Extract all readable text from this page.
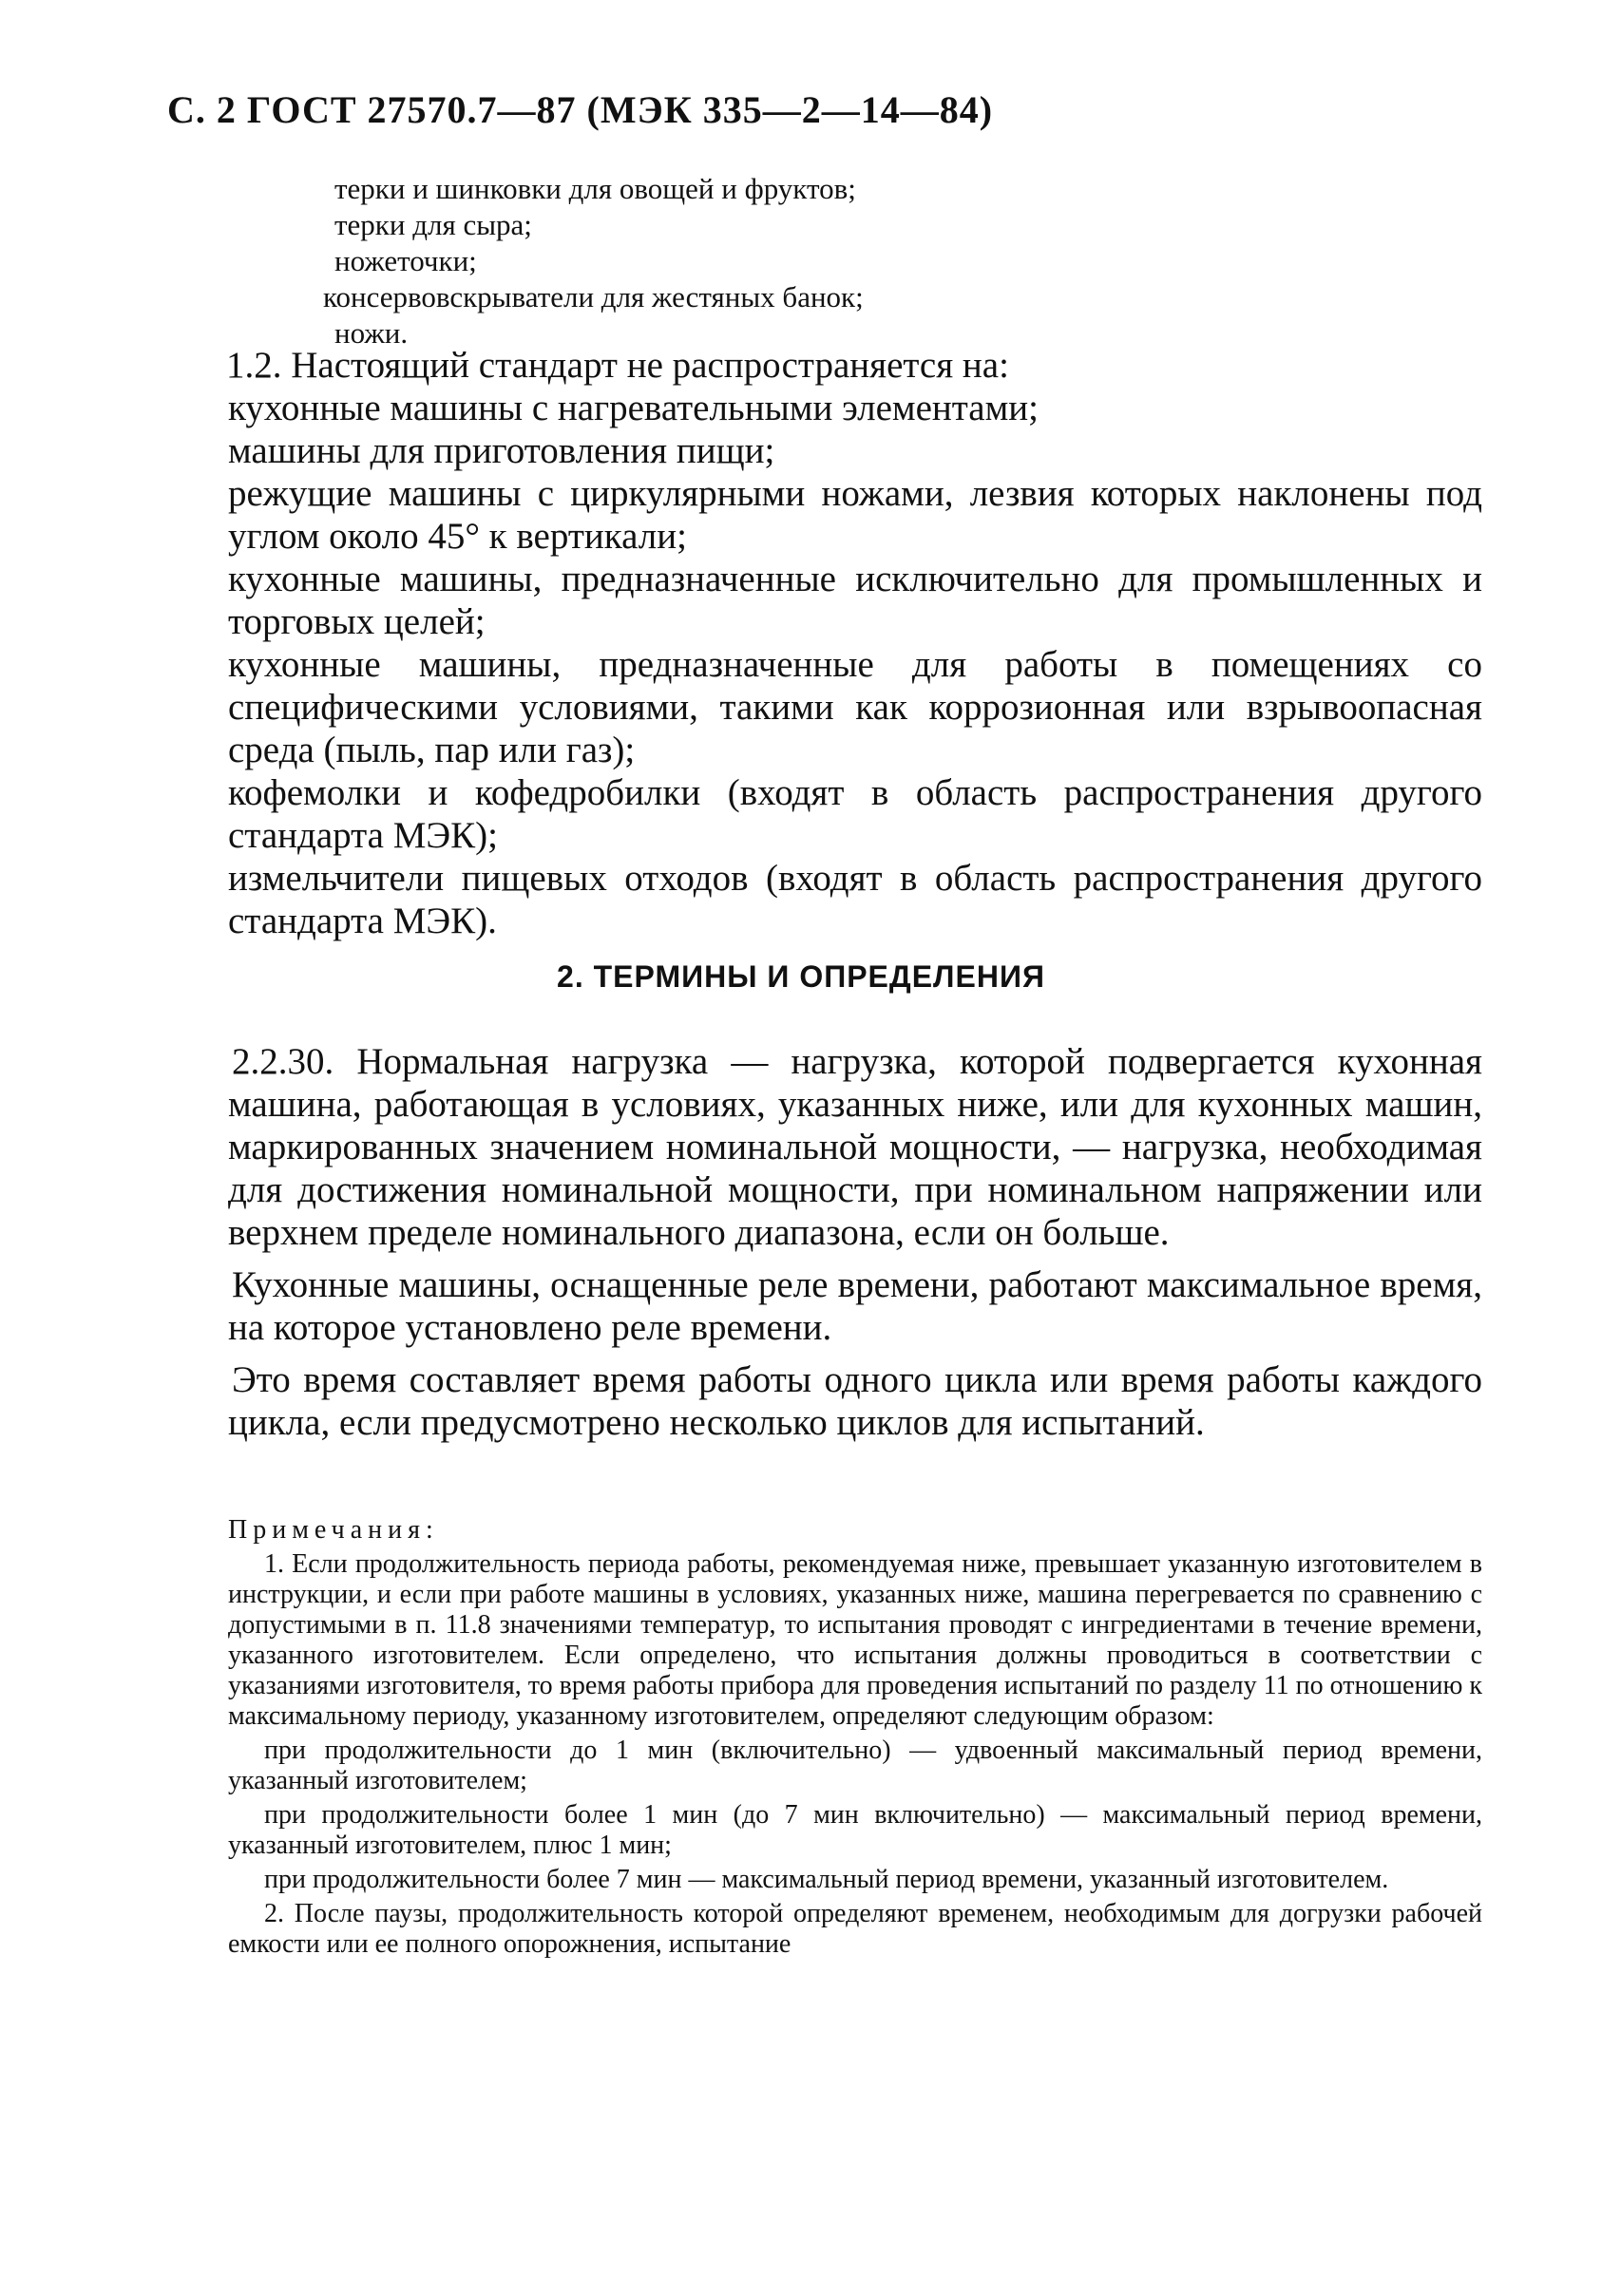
С. 2 ГОСТ 27570.7—87 (МЭК 335—2—14—84)

терки и шинковки для овощей и фруктов;

терки для сыра;

ножеточки;

консервовскрыватели для жестяных банок;

ножи.

1.2. Настоящий стандарт не распространяется на:

кухонные машины с нагревательными элементами;

машины для приготовления пищи;

режущие машины с циркулярными ножами, лезвия которых наклонены под углом около 45° к вертикали;

кухонные машины, предназначенные исключительно для промышленных и торговых целей;

кухонные машины, предназначенные для работы в помещениях со специфическими условиями, такими как коррозионная или взрывоопасная среда (пыль, пар или газ);

кофемолки и кофедробилки (входят в область распространения другого стандарта МЭК);

измельчители пищевых отходов (входят в область распространения другого стандарта МЭК).

2. ТЕРМИНЫ И ОПРЕДЕЛЕНИЯ

2.2.30. Нормальная нагрузка — нагрузка, которой подвергается кухонная машина, работающая в условиях, указанных ниже, или для кухонных машин, маркированных значением номинальной мощности, — нагрузка, необходимая для достижения номинальной мощности, при номинальном напряжении или верхнем пределе номинального диапазона, если он больше.

Кухонные машины, оснащенные реле времени, работают максимальное время, на которое установлено реле времени.

Это время составляет время работы одного цикла или время работы каждого цикла, если предусмотрено несколько циклов для испытаний.

Примечания:

1. Если продолжительность периода работы, рекомендуемая ниже, превышает указанную изготовителем в инструкции, и если при работе машины в условиях, указанных ниже, машина перегревается по сравнению с допустимыми в п. 11.8 значениями температур, то испытания проводят с ингредиентами в течение времени, указанного изготовителем. Если определено, что испытания должны проводиться в соответствии с указаниями изготовителя, то время работы прибора для проведения испытаний по разделу 11 по отношению к максимальному периоду, указанному изготовителем, определяют следующим образом:

при продолжительности до 1 мин (включительно) — удвоенный максимальный период времени, указанный изготовителем;

при продолжительности более 1 мин (до 7 мин включительно) — максимальный период времени, указанный изготовителем, плюс 1 мин;

при продолжительности более 7 мин — максимальный период времени, указанный изготовителем.

2. После паузы, продолжительность которой определяют временем, необходимым для догрузки рабочей емкости или ее полного опорожнения, испытание
